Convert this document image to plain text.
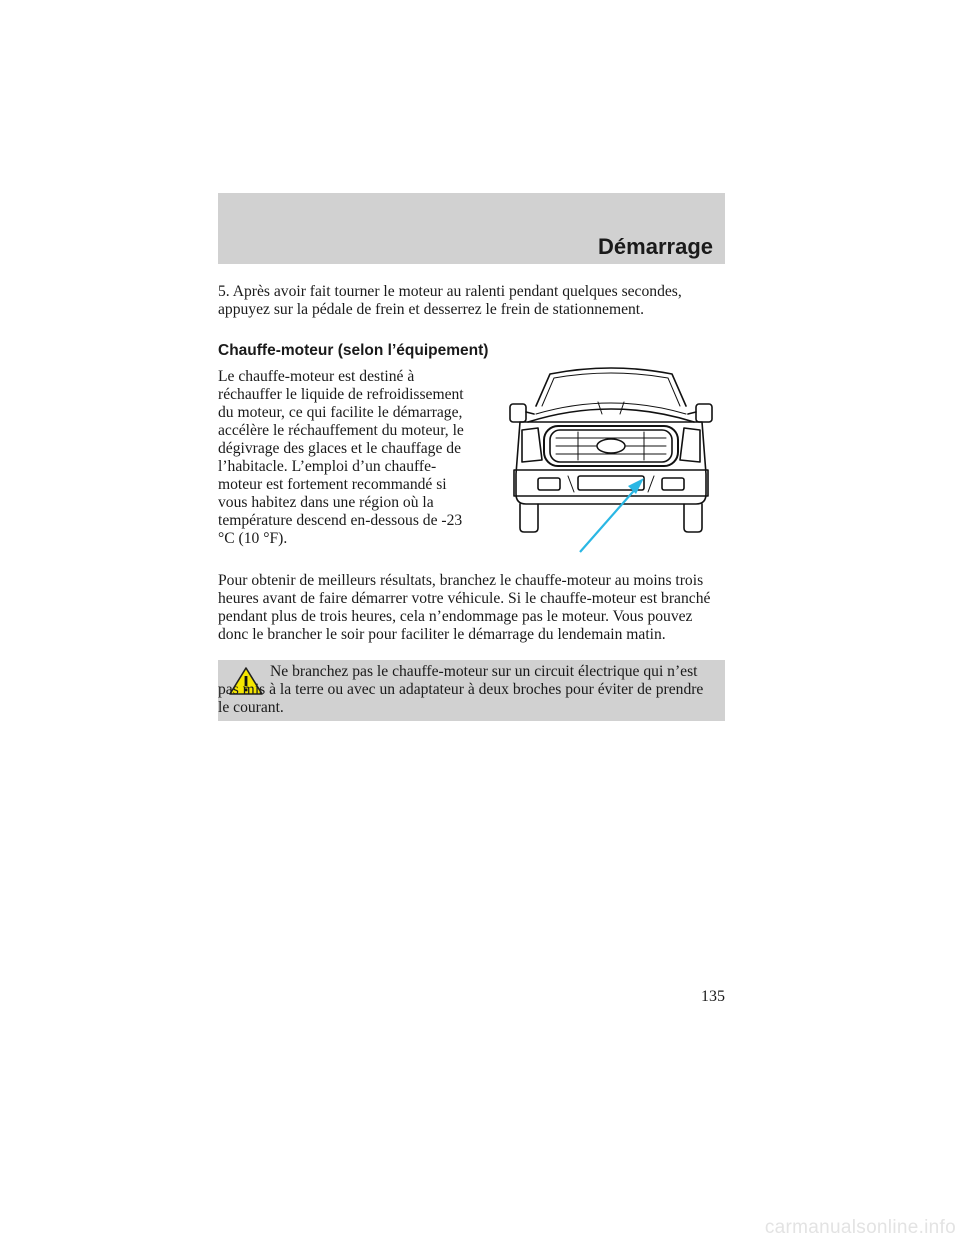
Démarrage

5. Après avoir fait tourner le moteur au ralenti pendant quelques secondes, appuyez sur la pédale de frein et desserrez le frein de stationnement.

Chauffe-moteur (selon l’équipement)

Le chauffe-moteur est destiné à réchauffer le liquide de refroidissement du moteur, ce qui facilite le démarrage, accélère le réchauffement du moteur, le dégivrage des glaces et le chauffage de l’habitacle. L’emploi d’un chauffe-moteur est fortement recommandé si vous habitez dans une région où la température descend en-dessous de -23 °C (10 °F).

Pour obtenir de meilleurs résultats, branchez le chauffe-moteur au moins trois heures avant de faire démarrer votre véhicule. Si le chauffe-moteur est branché pendant plus de trois heures, cela n’endommage pas le moteur. Vous pouvez donc le brancher le soir pour faciliter le démarrage du lendemain matin.

Ne branchez pas le chauffe-moteur sur un circuit électrique qui n’est pas mis à la terre ou avec un adaptateur à deux broches pour éviter de prendre le courant.

135
carmanualsonline.info
